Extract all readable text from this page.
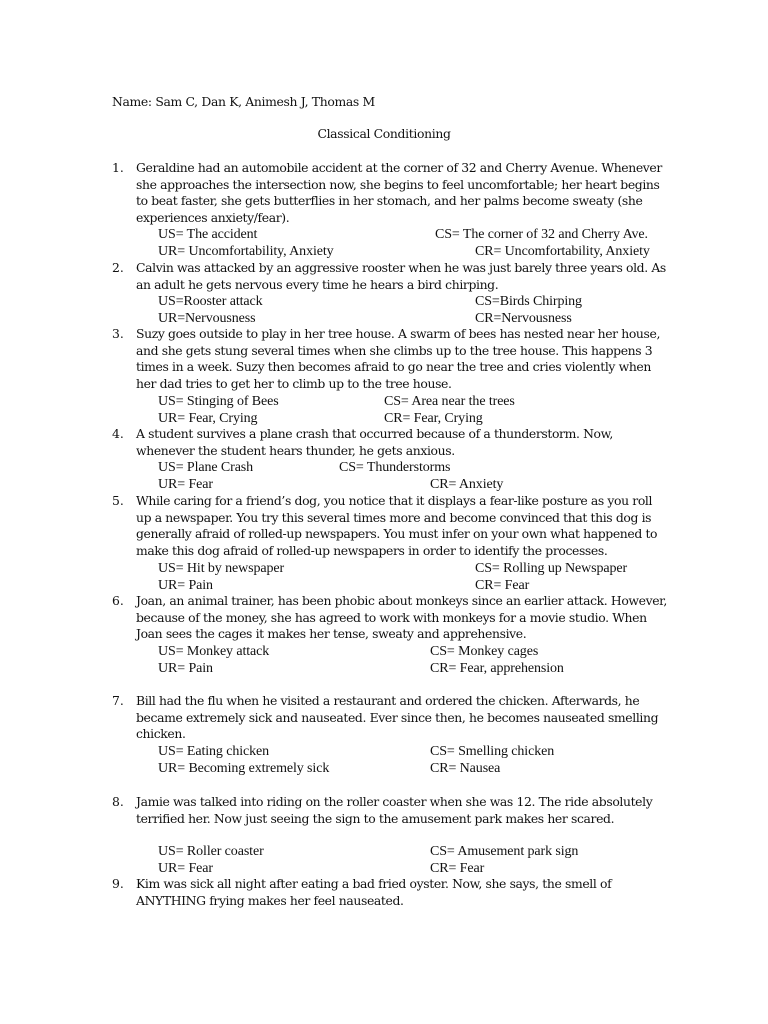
Name: Sam C, Dan K, Animesh J, Thomas M
Classical Conditioning
1. Geraldine had an automobile accident at the corner of 32 and Cherry Avenue. Whenever
she approaches the intersection now, she begins to feel uncomfortable; her heart begins
to beat faster, she gets butterflies in her stomach, and her palms become sweaty (she
experiences anxiety/fear).
US= The accident	CS= The corner of 32 and Cherry Ave.
UR= Uncomfortability, Anxiety	CR= Uncomfortability, Anxiety
2. Calvin was attacked by an aggressive rooster when he was just barely three years old. As
an adult he gets nervous every time he hears a bird chirping.
US=Rooster attack	CS=Birds Chirping
UR=Nervousness	CR=Nervousness
3. Suzy goes outside to play in her tree house. A swarm of bees has nested near her house,
and she gets stung several times when she climbs up to the tree house. This happens 3
times in a week. Suzy then becomes afraid to go near the tree and cries violently when
her dad tries to get her to climb up to the tree house.
US= Stinging of Bees	CS= Area near the trees
UR= Fear, Crying	CR= Fear, Crying
4. A student survives a plane crash that occurred because of a thunderstorm. Now,
whenever the student hears thunder, he gets anxious.
US= Plane Crash	CS= Thunderstorms
UR= Fear	CR= Anxiety
5. While caring for a friend’s dog, you notice that it displays a fear-like posture as you roll
up a newspaper. You try this several times more and become convinced that this dog is
generally afraid of rolled-up newspapers. You must infer on your own what happened to
make this dog afraid of rolled-up newspapers in order to identify the processes.
US= Hit by newspaper	CS= Rolling up Newspaper
UR= Pain	CR= Fear
6. Joan, an animal trainer, has been phobic about monkeys since an earlier attack. However,
because of the money, she has agreed to work with monkeys for a movie studio. When
Joan sees the cages it makes her tense, sweaty and apprehensive.
US= Monkey attack	CS= Monkey cages
UR= Pain	CR= Fear, apprehension
7. Bill had the flu when he visited a restaurant and ordered the chicken. Afterwards, he
became extremely sick and nauseated. Ever since then, he becomes nauseated smelling
chicken.
US= Eating chicken	CS= Smelling chicken
UR= Becoming extremely sick	CR= Nausea
8. Jamie was talked into riding on the roller coaster when she was 12. The ride absolutely
terrified her. Now just seeing the sign to the amusement park makes her scared.
US= Roller coaster	CS= Amusement park sign
UR= Fear	CR= Fear
9. Kim was sick all night after eating a bad fried oyster. Now, she says, the smell of
ANYTHING frying makes her feel nauseated.
